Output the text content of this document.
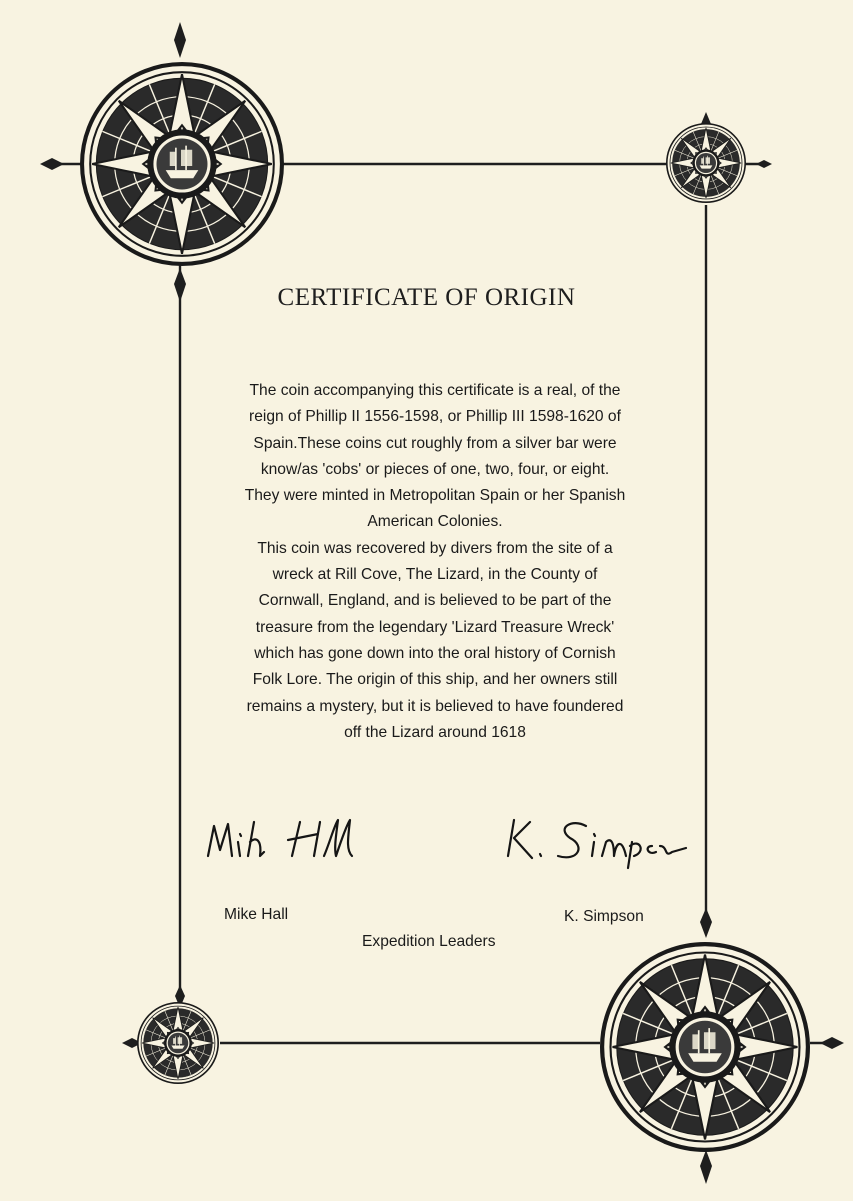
CERTIFICATE OF ORIGIN
The coin accompanying this certificate is a real, of the
reign of Phillip II 1556-1598, or Phillip III 1598-1620 of
Spain.These coins cut roughly from a silver bar were
know/as 'cobs' or pieces of one, two, four, or eight.
They were minted in Metropolitan Spain or her Spanish
American Colonies.
This coin was recovered by divers from the site of a
wreck at Rill Cove, The Lizard, in the County of
Cornwall, England, and is believed to be part of the
treasure from the legendary 'Lizard Treasure Wreck'
which has gone down into the oral history of Cornish
Folk Lore. The origin of this ship, and her owners still
remains a mystery, but it is believed to have foundered
off the Lizard around 1618
Mike Hall	K. Simpson
Expedition Leaders
